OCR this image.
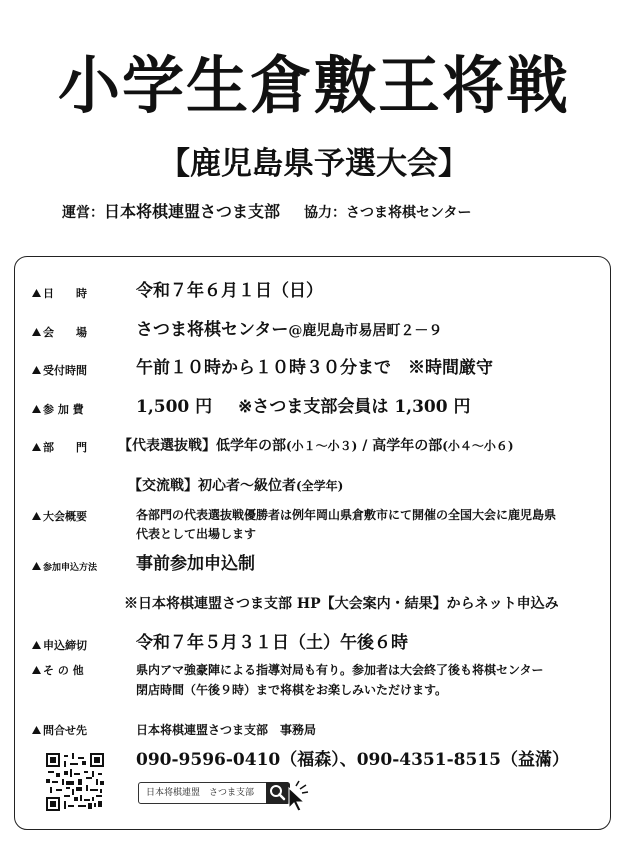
小学生倉敷王将戦
【鹿児島県予選大会】
運営：日本将棋連盟さつま支部 協力：さつま将棋センター
日　　時	令和７年６月１日（日）
会　　場	さつま将棋センター@鹿児島市易居町２－９
受付時間	午前１０時から１０時３０分まで　※時間厳守
参 加 費	1,500 円 ※さつま支部会員は 1,300 円
部　　門 【代表選抜戦】低学年の部(小１～小３) / 高学年の部(小４～小６)
【交流戦】初心者～級位者(全学年)
大会概要	各部門の代表選抜戦優勝者は例年岡山県倉敷市にて開催の全国大会に鹿児島県
代表として出場します
参加申込方法 事前参加申込制
※日本将棋連盟さつま支部 HP【大会案内・結果】からネット申込み
申込締切	令和７年５月３１日（土）午後６時
そ の 他	県内アマ強豪陣による指導対局も有り。参加者は大会終了後も将棋センター
閉店時間（午後９時）まで将棋をお楽しみいただけます。
問合せ先	日本将棋連盟さつま支部　事務局
090-9596-0410（福森）、090-4351-8515（益滿）
日本将棋連盟　さつま支部
